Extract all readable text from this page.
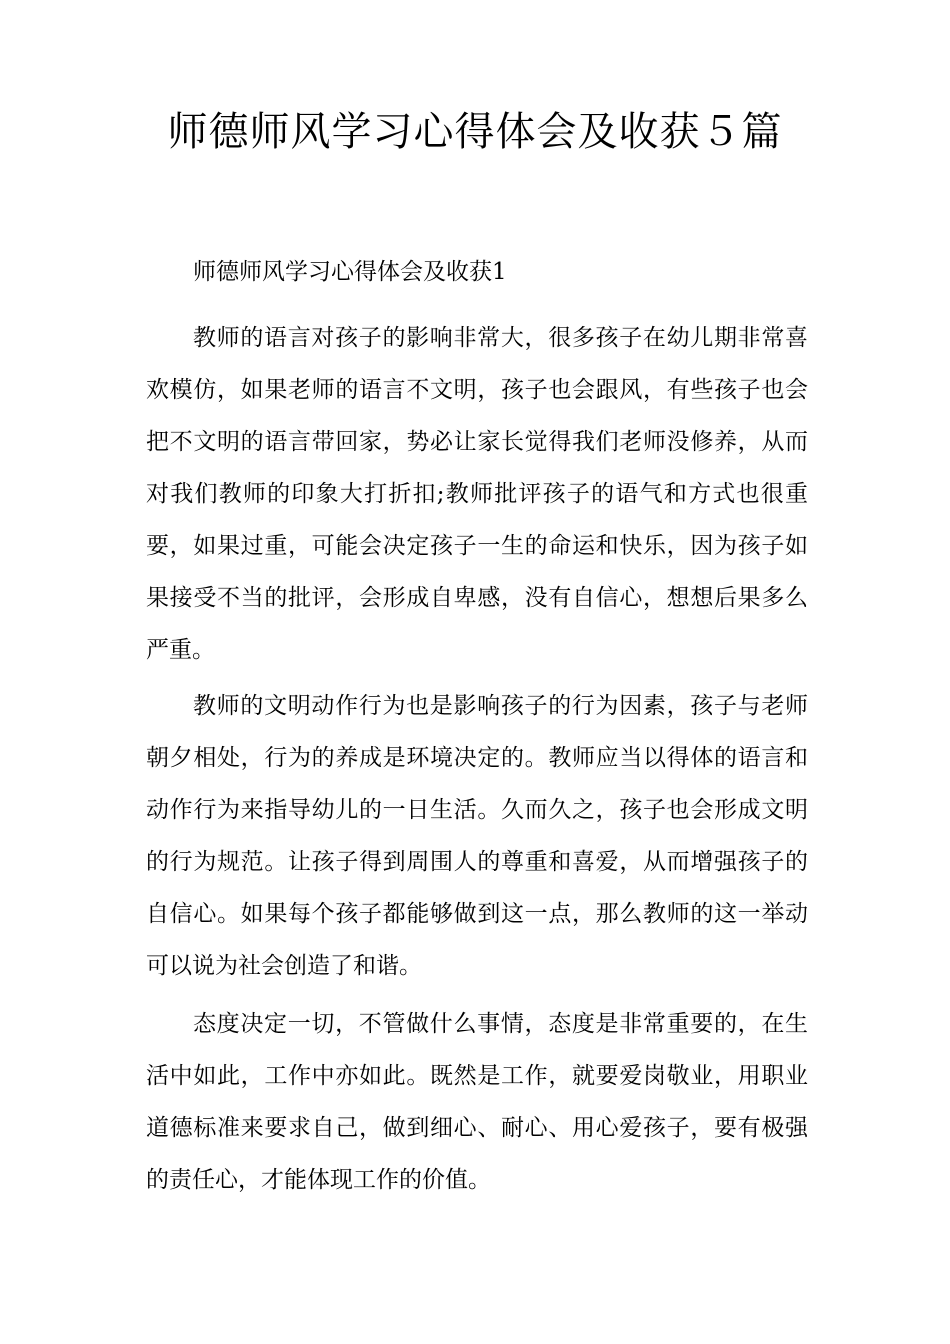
师德师风学习心得体会及收获５篇

师德师风学习心得体会及收获1

教师的语言对孩子的影响非常大，很多孩子在幼儿期非常喜欢模仿，如果老师的语言不文明，孩子也会跟风，有些孩子也会把不文明的语言带回家，势必让家长觉得我们老师没修养，从而对我们教师的印象大打折扣;教师批评孩子的语气和方式也很重要，如果过重，可能会决定孩子一生的命运和快乐，因为孩子如果接受不当的批评，会形成自卑感，没有自信心，想想后果多么严重。

教师的文明动作行为也是影响孩子的行为因素，孩子与老师朝夕相处，行为的养成是环境决定的。教师应当以得体的语言和动作行为来指导幼儿的一日生活。久而久之，孩子也会形成文明的行为规范。让孩子得到周围人的尊重和喜爱，从而增强孩子的自信心。如果每个孩子都能够做到这一点，那么教师的这一举动可以说为社会创造了和谐。

态度决定一切，不管做什么事情，态度是非常重要的，在生活中如此，工作中亦如此。既然是工作，就要爱岗敬业，用职业道德标准来要求自己，做到细心、耐心、用心爱孩子，要有极强的责任心，才能体现工作的价值。
